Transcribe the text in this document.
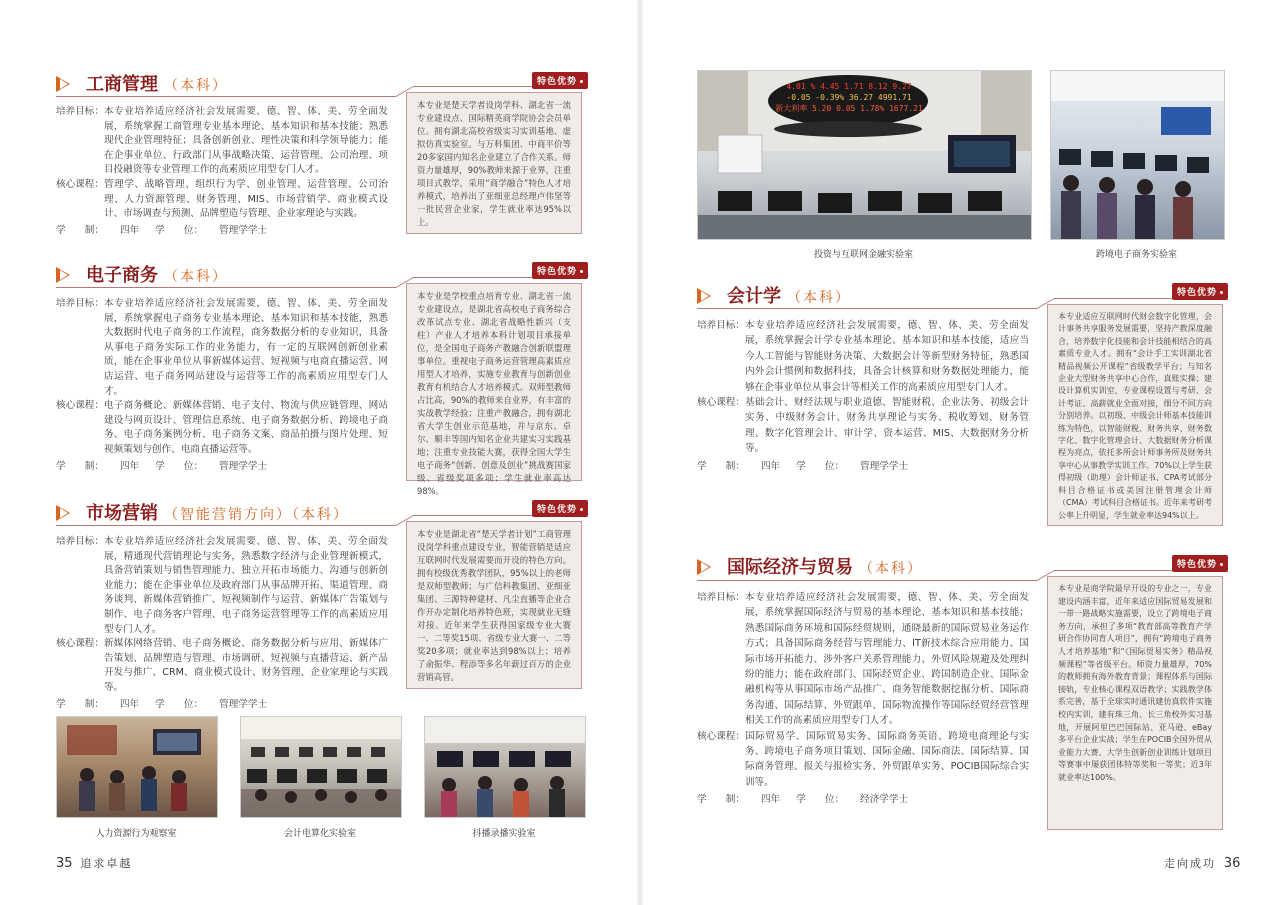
工商管理 （本科）	特色优势
培养目标： 本专业培养适应经济社会发展需要、德、智、体、美、劳全面发展，系统掌握工商管理专业基本理论、基本知识和基本技能；熟悉现代企业管理特征；具备创新创业、理性决策和科学领导能力；能在企事业单位、行政部门从事战略决策、运营管理、公司治理、项目投融资等专业管理工作的高素质应用型专门人才。
核心课程： 管理学、战略管理、组织行为学、创业管理、运营管理、公司治理、人力资源管理、财务管理、MIS、市场营销学、商业模式设计、市场调查与预测、品牌塑造与管理、企业家理论与实践。
学　　制： 四年 学　　位： 管理学学士
本专业是楚天学者设岗学科、湖北省一流专业建设点、国际精英商学院协会会员单位。拥有湖北高校省级实习实训基地、虚拟仿真实验室。与万科集团、中商平价等20多家国内知名企业建立了合作关系。师资力量雄厚，90%教师来源于业界，注重项目式教学，采用“商学融合”特色人才培养模式，培养出了亚细亚总经理卢伟坚等一批民营企业家，学生就业率达95%以上。
电子商务 （本科）	特色优势
培养目标： 本专业培养适应经济社会发展需要，德、智、体、美、劳全面发展，系统掌握电子商务专业基本理论、基本知识和基本技能，熟悉大数据时代电子商务的工作流程，商务数据分析的专业知识，具备从事电子商务实际工作的业务能力，有一定的互联网创新创业素质，能在企事业单位从事新媒体运营、短视频与电商直播运营、网店运营、电子商务网站建设与运营等工作的高素质应用型专门人才。
核心课程： 电子商务概论、新媒体营销、电子支付、物流与供应链管理、网站建设与网页设计、管理信息系统、电子商务数据分析、跨境电子商务、电子商务案例分析、电子商务文案、商品拍摄与图片处理、短视频策划与创作、电商直播运营等。
学　　制： 四年 学　　位： 管理学学士
本专业是学校重点培育专业、湖北省一流专业建设点，是湖北省高校电子商务综合改革试点专业、湖北省战略性新兴（支柱）产业人才培养本科计划项目承接单位，是全国电子商务产教融合创新联盟理事单位。重视电子商务运营管理高素质应用型人才培养，实施专业教育与创新创业教育有机结合人才培养模式。双师型教师占比高，90%的教师来自业界，有丰富的实战教学经验；注重产教融合，拥有湖北省大学生创业示范基地，并与京东、卓尔、顺丰等国内知名企业共建实习实践基地；注重专业技能大赛，获得全国大学生电子商务“创新、创意及创业”挑战赛国家级、省级奖项多项；学生就业率高达98%。
市场营销 （智能营销方向）（本科）	特色优势
培养目标： 本专业培养适应经济社会发展需要、德、智、体、美、劳全面发展，精通现代营销理论与实务，熟悉数字经济与企业管理新模式，具备营销策划与销售管理能力、独立开拓市场能力、沟通与创新创业能力；能在企事业单位及政府部门从事品牌开拓、渠道管理、商务谈判、新媒体营销推广、短视频制作与运营、新媒体广告策划与制作、电子商务客户管理、电子商务运营管理等工作的高素质应用型专门人才。
核心课程： 新媒体网络营销、电子商务概论、商务数据分析与应用、新媒体广告策划、品牌塑造与管理、市场调研、短视频与直播营运、新产品开发与推广、CRM、商业模式设计、财务管理、企业家理论与实践等。
学　　制： 四年 学　　位： 管理学学士
本专业是湖北省“楚天学者计划”工商管理设岗学科重点建设专业，智能营销是适应互联网时代发展需要而开设的特色方向。拥有校级优秀教学团队，95%以上的老师是双师型教师；与广信科教集团、亚细亚集团、三源特种建材、凡尘直播等企业合作开办定制化培养特色班，实现就业无缝对接。近年来学生获得国家级专业大赛一、二等奖15项、省级专业大赛一、二等奖20多项；就业率达到98%以上；培养了俞振华、程添等多名年薪过百万的企业营销高管。
人力资源行为观察室	会计电算化实验室	抖播录播实验室
35 追求卓越
4.01 % 4.45 1.71 8.12 9.27
-0.05 -0.39% 36.27 4991.71
新大利率 5.20 0.05 1.78% 1677.21
投资与互联网金融实验室	跨境电子商务实验室
会计学 （本科）	特色优势
培养目标： 本专业培养适应经济社会发展需要，德、智、体、美、劳全面发展，系统掌握会计学专业基本理论、基本知识和基本技能，适应当今人工智能与智能财务决策、大数据会计等新型财务特征，熟悉国内外会计惯例和数据科技，具备会计核算和财务数据处理能力，能够在企事业单位从事会计等相关工作的高素质应用型专门人才。
核心课程： 基础会计、财经法规与职业道德、智能财税、企业法务、初级会计实务、中级财务会计、财务共享理论与实务、税收筹划、财务管理、数字化管理会计、审计学、资本运营、MIS、大数据财务分析等。
学　　制： 四年 学　　位： 管理学学士
本专业适应互联网时代财会数字化管理，会计事务共享服务发展需要，坚持产教深度融合，培养数字化技能和会计技能相结合的高素质专业人才。拥有“会计手工实训湖北省精品视频公开课程”省级教学平台；与知名企业大型财务共享中心合作，真账实操；建设计算机实训室，专业课程设置与考研、会计考证、高薪就业全面对接，细分不同方向分别培养。以初级、中级会计师基本技能训练为特色，以智能财税、财务共享、财务数字化、数字化管理会计、大数据财务分析课程为亮点，依托多所会计师事务所及财务共享中心从事教学实训工作。70%以上学生获得初级（助理）会计师证书、CPA考试部分科目合格证书或美国注册管理会计师（CMA）考试科目合格证书。近年来考研考公率上升明显，学生就业率达94%以上。
国际经济与贸易 （本科）	特色优势
培养目标： 本专业培养适应经济社会发展需要，德、智、体、美、劳全面发展，系统掌握国际经济与贸易的基本理论、基本知识和基本技能；熟悉国际商务环境和国际经贸规则，通晓最新的国际贸易业务运作方式；具备国际商务经营与管理能力、IT新技术综合应用能力、国际市场开拓能力、涉外客户关系管理能力、外贸风险规避及处理纠纷的能力；能在政府部门、国际经贸企业、跨国制造企业、国际金融机构等从事国际市场产品推广、商务智能数据挖掘分析、国际商务沟通、国际结算、外贸跟单、国际物流操作等国际经贸经营管理相关工作的高素质应用型专门人才。
核心课程： 国际贸易学、国际贸易实务、国际商务英语、跨境电商理论与实务、跨境电子商务项目策划、国际金融、国际商法、国际结算、国际商务管理、报关与报检实务、外贸跟单实务、POCIB国际综合实训等。
学　　制： 四年 学　　位： 经济学学士
本专业是商学院最早开设的专业之一，专业建设内涵丰富，近年来适应国际贸易发展和一带一路战略实施需要，设立了跨境电子商务方向，承担了多项“教育部高等教育产学研合作协同育人项目”，拥有“跨境电子商务人才培养基地”和“《国际贸易实务》精品视频课程”等省级平台。师资力量雄厚，70%的教师拥有海外教育背景；课程体系与国际接轨，专业核心课程双语教学；实践教学体系完善，基于全球实时通讯建仿真软件实施校内实训，建有珠三角、长三角校外实习基地，开展阿里巴巴国际站、亚马逊、eBay多平台企业实战；学生在POCIB全国外贸从业能力大赛、大学生创新创业训练计划项目等赛事中屡获团体特等奖和一等奖；近3年就业率达100%。
走向成功 36
